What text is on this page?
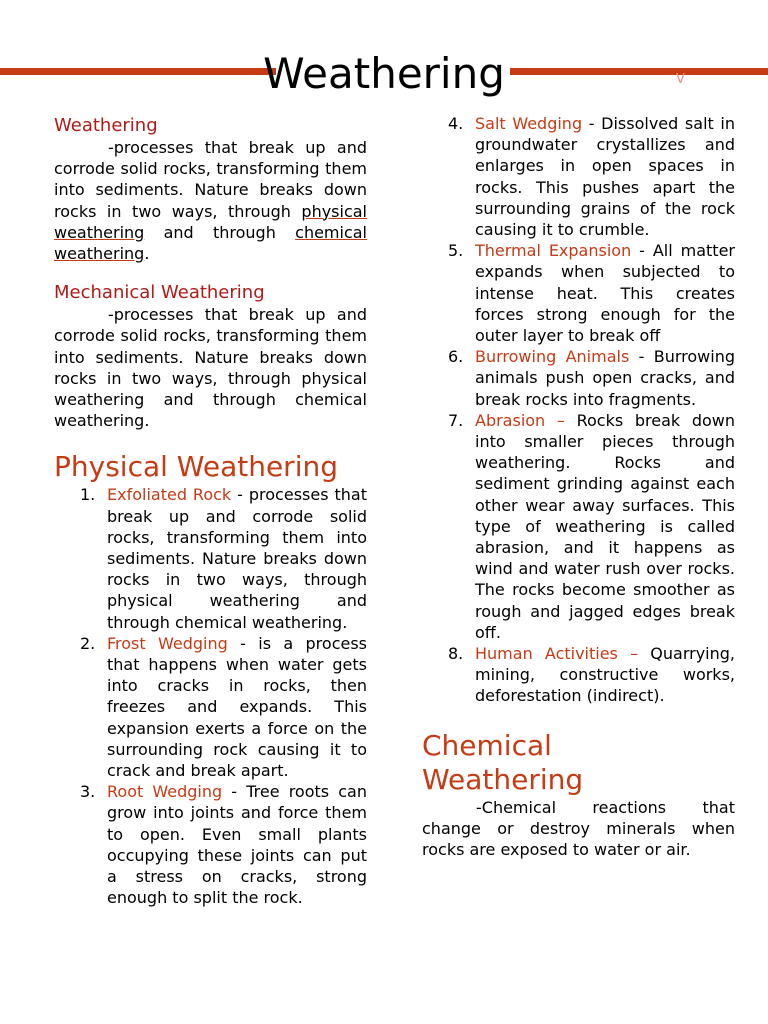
Weathering	V

Weathering

-processes that break up and corrode solid rocks, transforming them into sediments. Nature breaks down rocks in two ways, through physical weathering and through chemical weathering.

Mechanical Weathering

-processes that break up and corrode solid rocks, transforming them into sediments. Nature breaks down rocks in two ways, through physical weathering and through chemical weathering.

Physical Weathering

1. Exfoliated Rock - processes that break up and corrode solid rocks, transforming them into sediments. Nature breaks down rocks in two ways, through physical weathering and through chemical weathering.
2. Frost Wedging - is a process that happens when water gets into cracks in rocks, then freezes and expands. This expansion exerts a force on the surrounding rock causing it to crack and break apart.
3. Root Wedging - Tree roots can grow into joints and force them to open. Even small plants occupying these joints can put a stress on cracks, strong enough to split the rock.
4. Salt Wedging - Dissolved salt in groundwater crystallizes and enlarges in open spaces in rocks. This pushes apart the surrounding grains of the rock causing it to crumble.
5. Thermal Expansion - All matter expands when subjected to intense heat. This creates forces strong enough for the outer layer to break off
6. Burrowing Animals - Burrowing animals push open cracks, and break rocks into fragments.
7. Abrasion – Rocks break down into smaller pieces through weathering. Rocks and sediment grinding against each other wear away surfaces. This type of weathering is called abrasion, and it happens as wind and water rush over rocks. The rocks become smoother as rough and jagged edges break off.
8. Human Activities – Quarrying, mining, constructive works, deforestation (indirect).

Chemical Weathering

-Chemical reactions that change or destroy minerals when rocks are exposed to water or air.
